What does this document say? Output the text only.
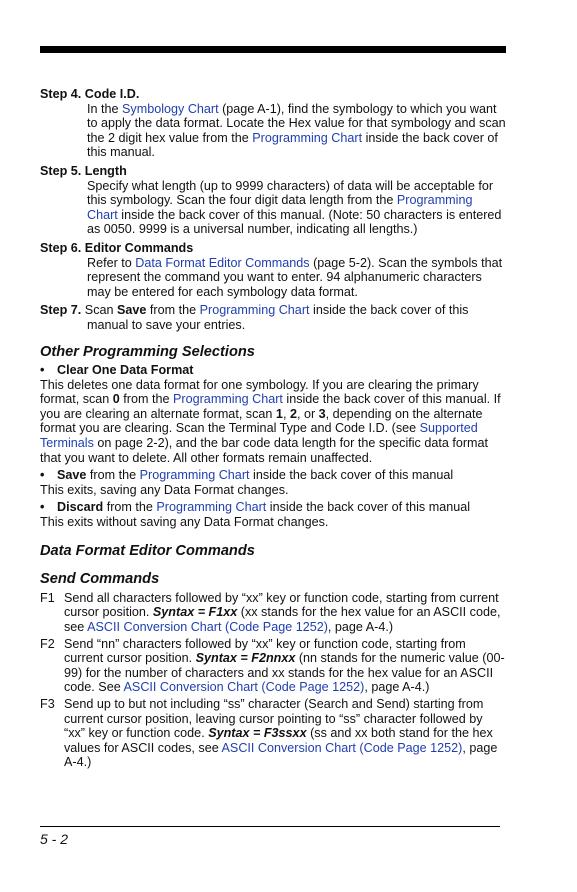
Step 4. Code I.D.
In the Symbology Chart (page A-1), find the symbology to which you want to apply the data format. Locate the Hex value for that symbology and scan the 2 digit hex value from the Programming Chart inside the back cover of this manual.
Step 5. Length
Specify what length (up to 9999 characters) of data will be acceptable for this symbology. Scan the four digit data length from the Programming Chart inside the back cover of this manual. (Note: 50 characters is entered as 0050. 9999 is a universal number, indicating all lengths.)
Step 6. Editor Commands
Refer to Data Format Editor Commands (page 5-2). Scan the symbols that represent the command you want to enter. 94 alphanumeric characters may be entered for each symbology data format.
Step 7. Scan Save from the Programming Chart inside the back cover of this manual to save your entries.
Other Programming Selections
• Clear One Data Format
This deletes one data format for one symbology. If you are clearing the primary format, scan 0 from the Programming Chart inside the back cover of this manual. If you are clearing an alternate format, scan 1, 2, or 3, depending on the alternate format you are clearing. Scan the Terminal Type and Code I.D. (see Supported Terminals on page 2-2), and the bar code data length for the specific data format that you want to delete. All other formats remain unaffected.
• Save from the Programming Chart inside the back cover of this manual
This exits, saving any Data Format changes.
• Discard from the Programming Chart inside the back cover of this manual
This exits without saving any Data Format changes.
Data Format Editor Commands
Send Commands
F1 Send all characters followed by “xx” key or function code, starting from current cursor position. Syntax = F1xx (xx stands for the hex value for an ASCII code, see ASCII Conversion Chart (Code Page 1252), page A-4.)
F2 Send “nn” characters followed by “xx” key or function code, starting from current cursor position. Syntax = F2nnxx (nn stands for the numeric value (00-99) for the number of characters and xx stands for the hex value for an ASCII code. See ASCII Conversion Chart (Code Page 1252), page A-4.)
F3 Send up to but not including “ss” character (Search and Send) starting from current cursor position, leaving cursor pointing to “ss” character followed by “xx” key or function code. Syntax = F3ssxx (ss and xx both stand for the hex values for ASCII codes, see ASCII Conversion Chart (Code Page 1252), page A-4.)
5 - 2
